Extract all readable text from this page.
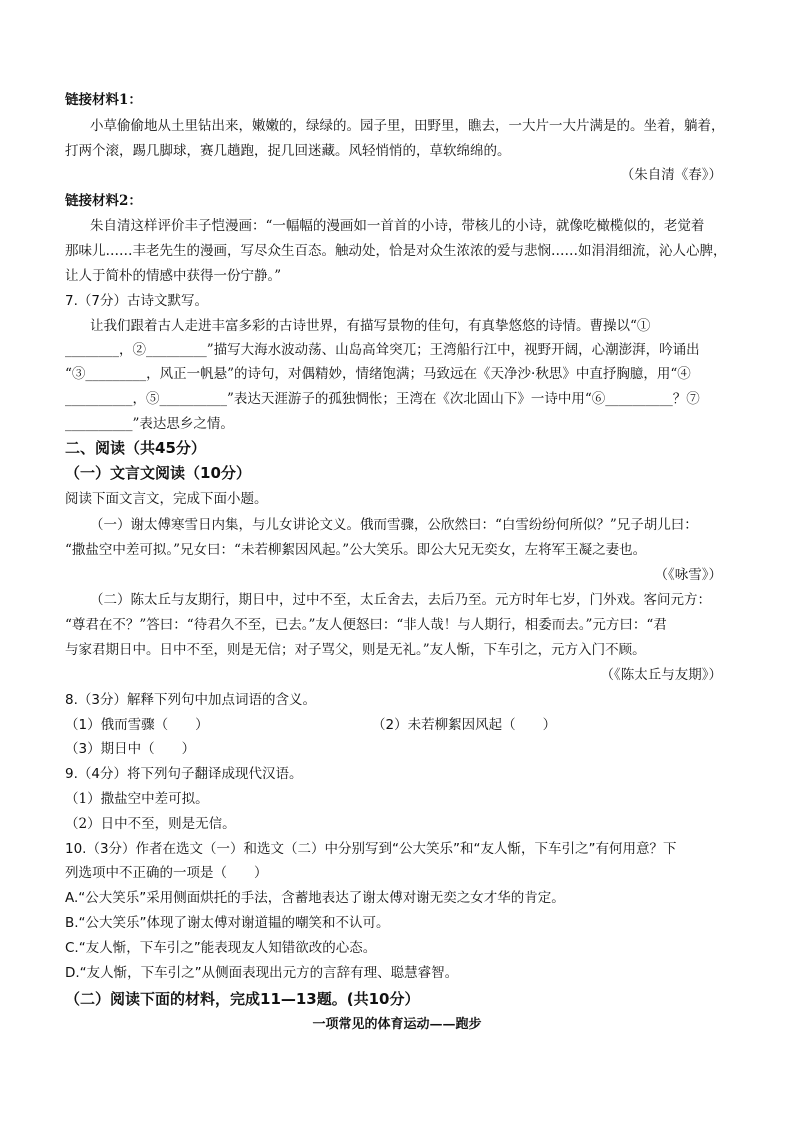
链接材料1：
小草偷偷地从土里钻出来，嫩嫩的，绿绿的。园子里，田野里，瞧去，一大片一大片满是的。坐着，躺着，
打两个滚，踢几脚球，赛几趟跑，捉几回迷藏。风轻悄悄的，草软绵绵的。
（朱自清《春》）
链接材料2：
朱自清这样评价丰子恺漫画：“一幅幅的漫画如一首首的小诗，带核儿的小诗，就像吃橄榄似的，老觉着
那味儿……丰老先生的漫画，写尽众生百态。触动处，恰是对众生浓浓的爱与悲悯……如涓涓细流，沁人心脾，
让人于简朴的情感中获得一份宁静。”
7.（7分）古诗文默写。
让我们跟着古人走进丰富多彩的古诗世界，有描写景物的佳句，有真挚悠悠的诗情。曹操以“①
________，②_________”描写大海水波动荡、山岛高耸突兀；王湾船行江中，视野开阔，心潮澎湃，吟诵出
“③_________，风正一帆悬”的诗句，对偶精妙，情绪饱满；马致远在《天净沙·秋思》中直抒胸臆，用“④
__________，⑤__________”表达天涯游子的孤独惆怅；王湾在《次北固山下》一诗中用“⑥__________？⑦
__________”表达思乡之情。
二、阅读（共45分）
（一）文言文阅读（10分）
阅读下面文言文，完成下面小题。
（一）谢太傅寒雪日内集，与儿女讲论文义。俄而雪骤，公欣然曰：“白雪纷纷何所似？”兄子胡儿曰：
“撒盐空中差可拟。”兄女曰：“未若柳絮因风起。”公大笑乐。即公大兄无奕女，左将军王凝之妻也。
（《咏雪》）
（二）陈太丘与友期行，期日中，过中不至，太丘舍去，去后乃至。元方时年七岁，门外戏。客问元方：
“尊君在不？”答曰：“待君久不至，已去。”友人便怒曰：“非人哉！与人期行，相委而去。”元方曰：“君
与家君期日中。日中不至，则是无信；对子骂父，则是无礼。”友人惭，下车引之，元方入门不顾。
（《陈太丘与友期》）
8.（3分）解释下列句中加点词语的含义。
（1）俄而雪骤（　　）	（2）未若柳絮因风起（　　）
（3）期日中（　　）
9.（4分）将下列句子翻译成现代汉语。
（1）撒盐空中差可拟。
（2）日中不至，则是无信。
10.（3分）作者在选文（一）和选文（二）中分别写到“公大笑乐”和“友人惭，下车引之”有何用意？下
列选项中不正确的一项是（　　）
A.“公大笑乐”采用侧面烘托的手法，含蓄地表达了谢太傅对谢无奕之女才华的肯定。
B.“公大笑乐”体现了谢太傅对谢道韫的嘲笑和不认可。
C.“友人惭，下车引之”能表现友人知错欲改的心态。
D.“友人惭，下车引之”从侧面表现出元方的言辞有理、聪慧睿智。
（二）阅读下面的材料，完成11—13题。(共10分）
一项常见的体育运动——跑步
